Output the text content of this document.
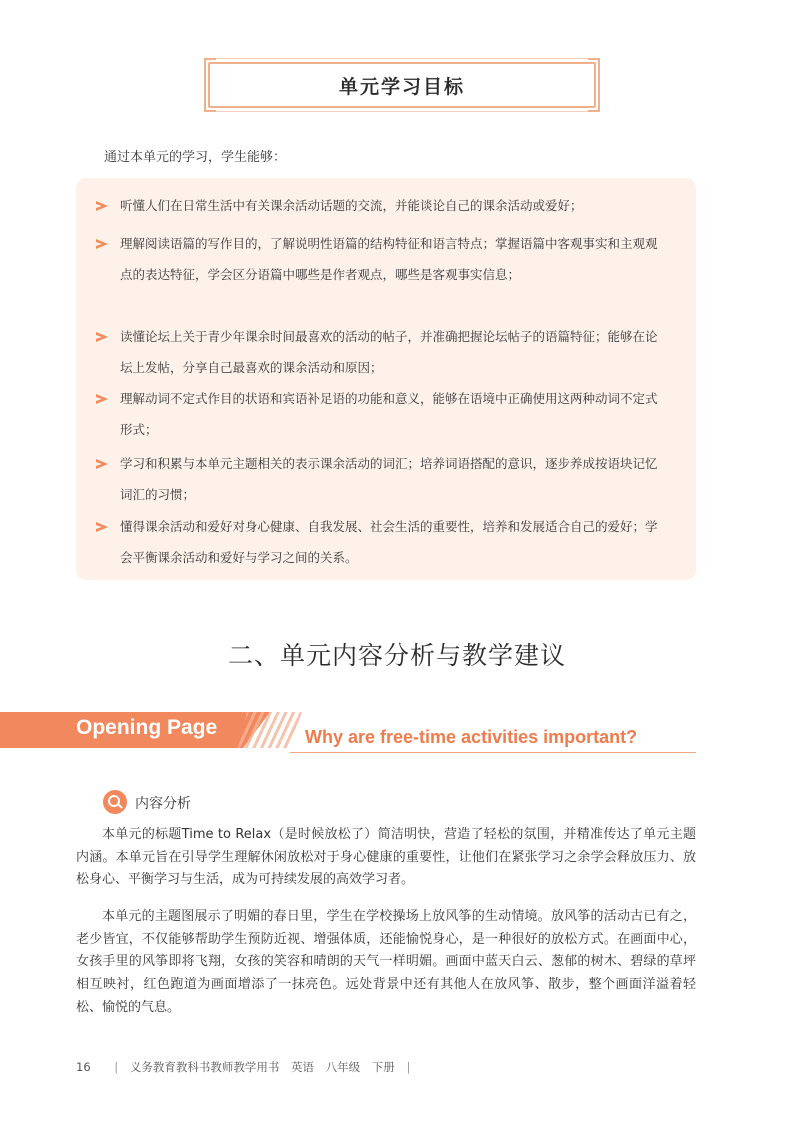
单元学习目标
通过本单元的学习，学生能够：
听懂人们在日常生活中有关课余活动话题的交流，并能谈论自己的课余活动或爱好；
理解阅读语篇的写作目的，了解说明性语篇的结构特征和语言特点；掌握语篇中客观事实和主观观点的表达特征，学会区分语篇中哪些是作者观点，哪些是客观事实信息；
读懂论坛上关于青少年课余时间最喜欢的活动的帖子，并准确把握论坛帖子的语篇特征；能够在论坛上发帖，分享自己最喜欢的课余活动和原因；
理解动词不定式作目的状语和宾语补足语的功能和意义，能够在语境中正确使用这两种动词不定式形式；
学习和积累与本单元主题相关的表示课余活动的词汇；培养词语搭配的意识，逐步养成按语块记忆词汇的习惯；
懂得课余活动和爱好对身心健康、自我发展、社会生活的重要性，培养和发展适合自己的爱好；学会平衡课余活动和爱好与学习之间的关系。
二、单元内容分析与教学建议
Opening Page	Why are free-time activities important?
内容分析

本单元的标题Time to Relax（是时候放松了）简洁明快，营造了轻松的氛围，并精准传达了单元主题内涵。本单元旨在引导学生理解休闲放松对于身心健康的重要性，让他们在紧张学习之余学会释放压力、放松身心、平衡学习与生活，成为可持续发展的高效学习者。

本单元的主题图展示了明媚的春日里，学生在学校操场上放风筝的生动情境。放风筝的活动古已有之，老少皆宜，不仅能够帮助学生预防近视、增强体质，还能愉悦身心，是一种很好的放松方式。在画面中心，女孩手里的风筝即将飞翔，女孩的笑容和晴朗的天气一样明媚。画面中蓝天白云、葱郁的树木、碧绿的草坪相互映衬，红色跑道为画面增添了一抹亮色。远处背景中还有其他人在放风筝、散步，整个画面洋溢着轻松、愉悦的气息。

16 | 义务教育教科书教师教学用书 英语 八年级 下册 |
